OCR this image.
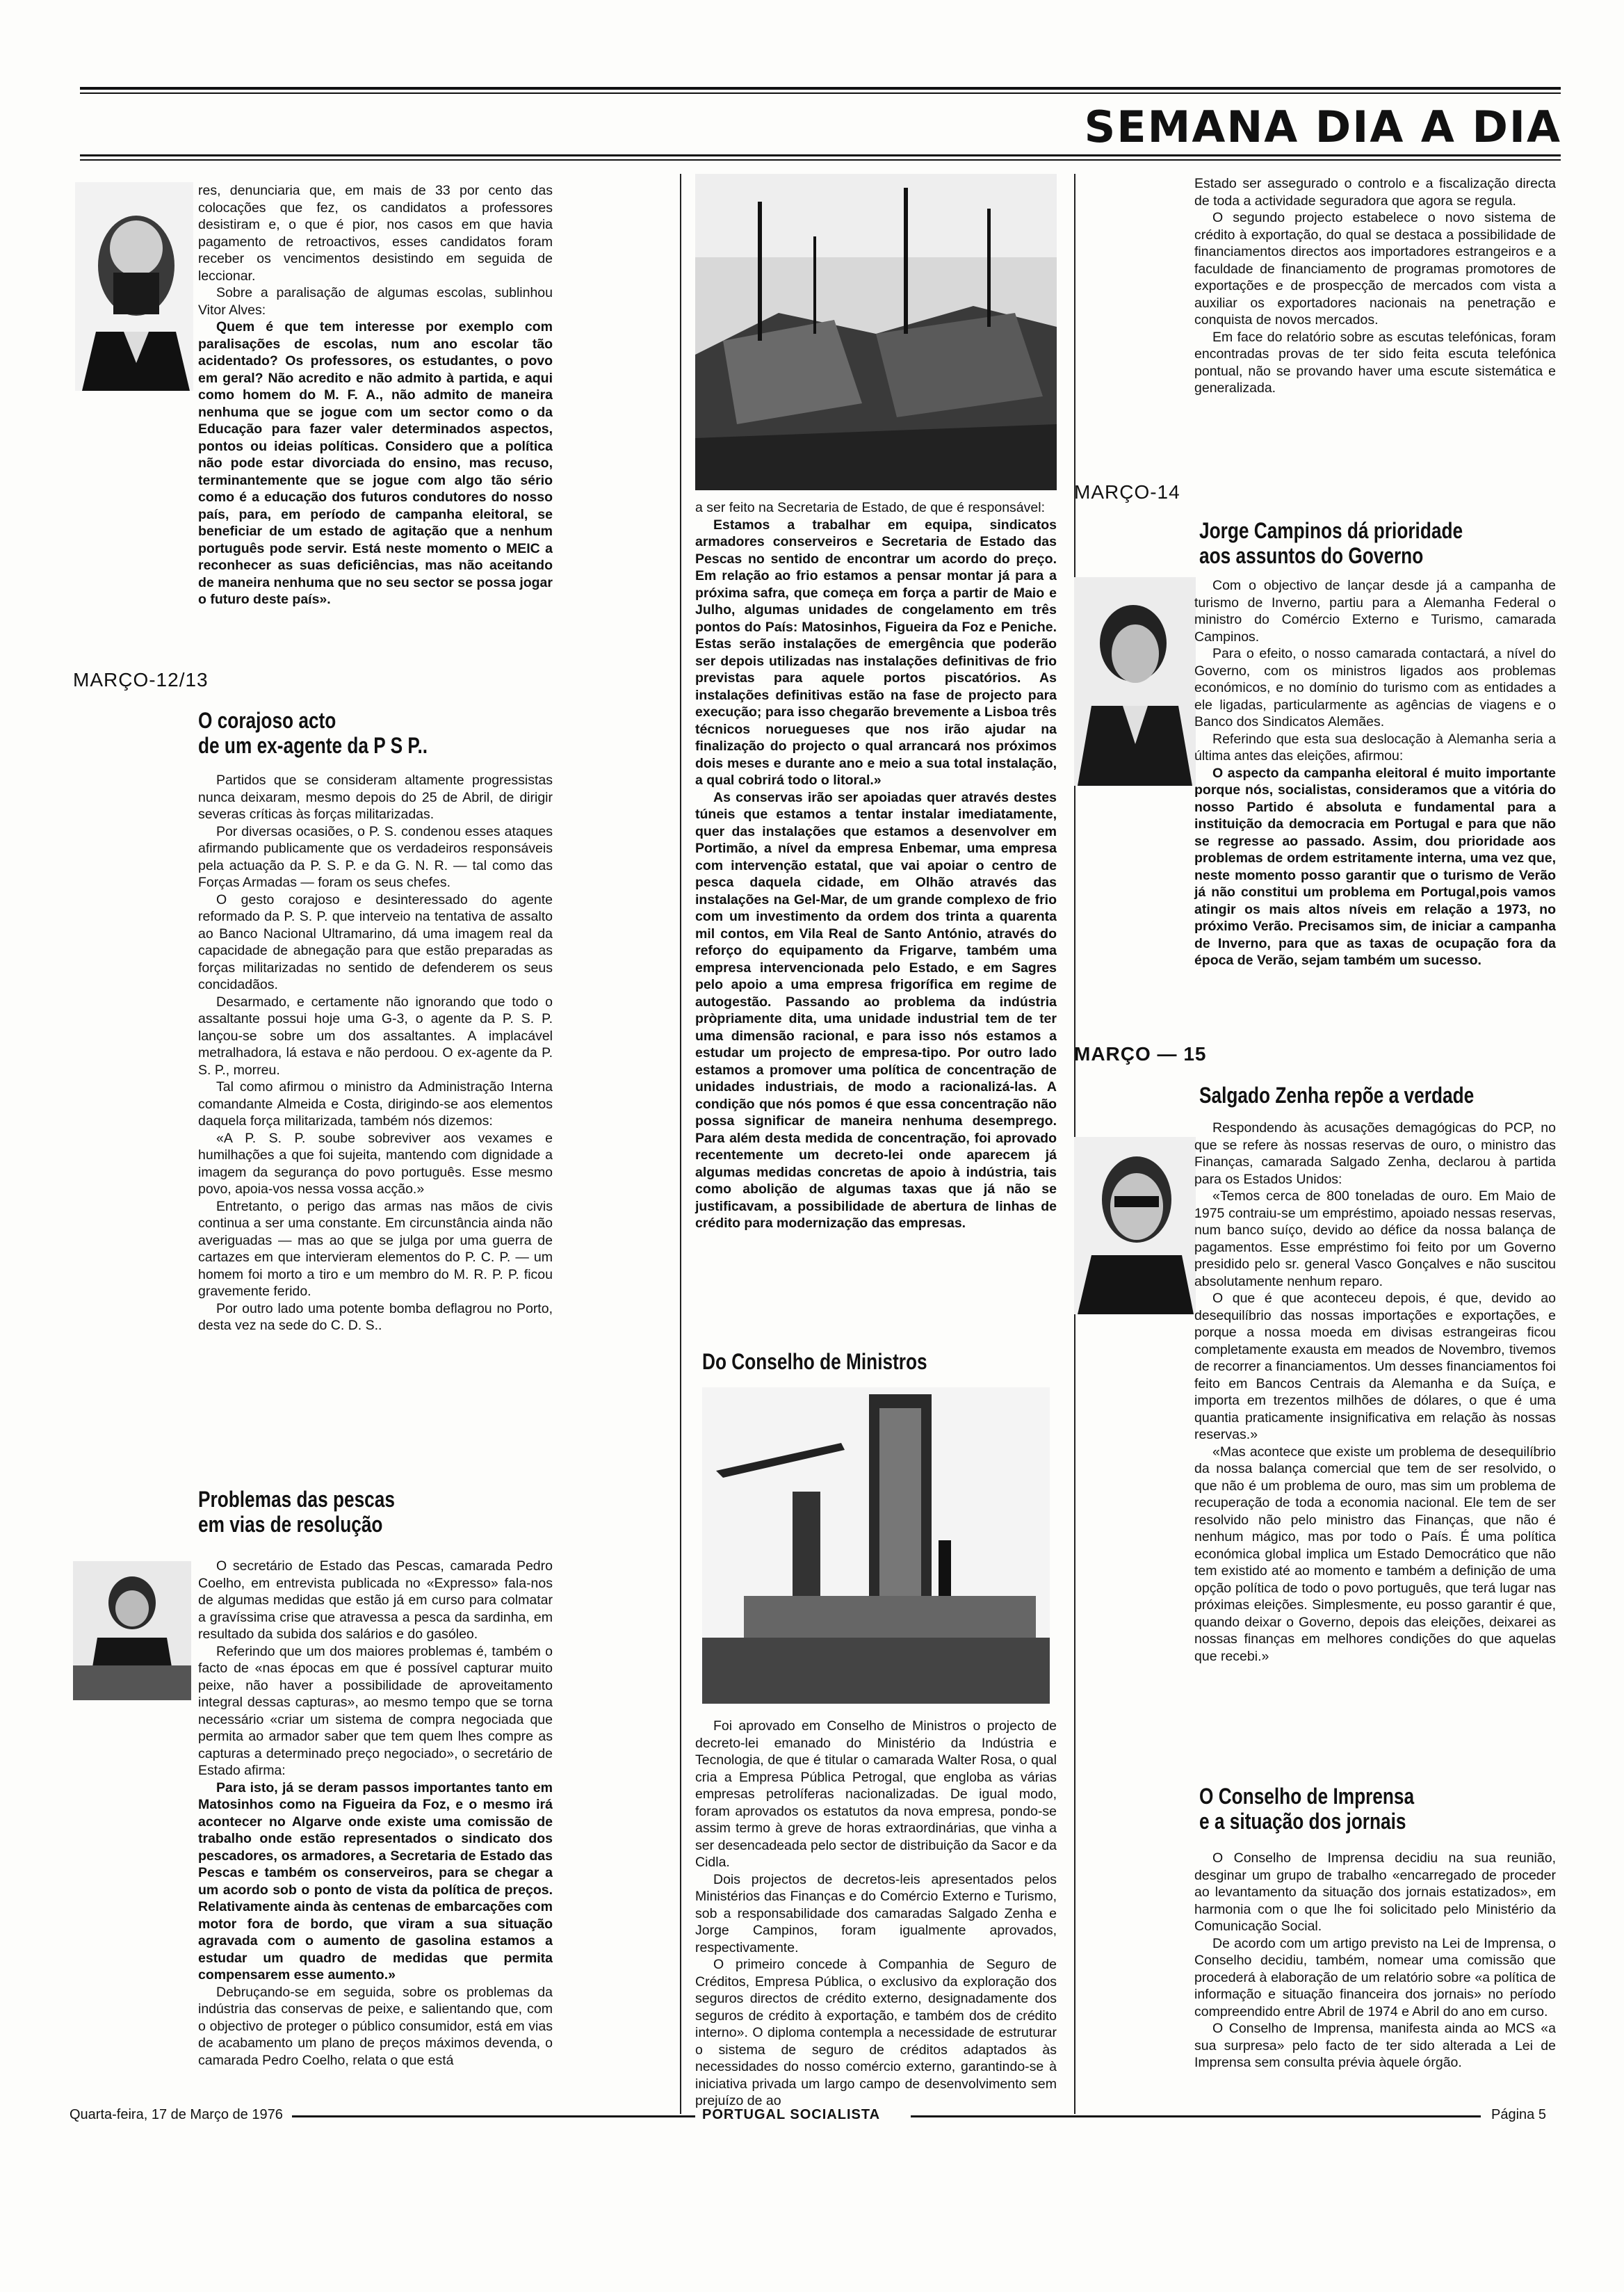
SEMANA DIA A DIA

res, denunciaria que, em mais de 33 por cento das colocações que fez, os candidatos a professores desistiram e, o que é pior, nos casos em que havia pagamento de retroactivos, esses candidatos foram receber os vencimentos desistindo em seguida de leccionar.

Sobre a paralisação de algumas escolas, sublinhou Vitor Alves:

Quem é que tem interesse por exemplo com paralisações de escolas, num ano escolar tão acidentado? Os professores, os estudantes, o povo em geral? Não acredito e não admito à partida, e aqui como homem do M. F. A., não admito de maneira nenhuma que se jogue com um sector como o da Educação para fazer valer determinados aspectos, pontos ou ideias políticas. Considero que a política não pode estar divorciada do ensino, mas recuso, terminantemente que se jogue com algo tão sério como é a educação dos futuros condutores do nosso país, para, em período de campanha eleitoral, se beneficiar de um estado de agitação que a nenhum português pode servir. Está neste momento o MEIC a reconhecer as suas deficiências, mas não aceitando de maneira nenhuma que no seu sector se possa jogar o futuro deste país».

MARÇO-12/13
O corajoso acto
de um ex-agente da P S P..

Partidos que se consideram altamente progressistas nunca deixaram, mesmo depois do 25 de Abril, de dirigir severas críticas às forças militarizadas.

Por diversas ocasiões, o P. S. condenou esses ataques afirmando publicamente que os verdadeiros responsáveis pela actuação da P. S. P. e da G. N. R. — tal como das Forças Armadas — foram os seus chefes.

O gesto corajoso e desinteressado do agente reformado da P. S. P. que interveio na tentativa de assalto ao Banco Nacional Ultramarino, dá uma imagem real da capacidade de abnegação para que estão preparadas as forças militarizadas no sentido de defenderem os seus concidadãos.

Desarmado, e certamente não ignorando que todo o assaltante possui hoje uma G-3, o agente da P. S. P. lançou-se sobre um dos assaltantes. A implacável metralhadora, lá estava e não perdoou. O ex-agente da P. S. P., morreu.

Tal como afirmou o ministro da Administração Interna comandante Almeida e Costa, dirigindo-se aos elementos daquela força militarizada, também nós dizemos:

«A P. S. P. soube sobreviver aos vexames e humilhações a que foi sujeita, mantendo com dignidade a imagem da segurança do povo português. Esse mesmo povo, apoia-vos nessa vossa acção.»

Entretanto, o perigo das armas nas mãos de civis continua a ser uma constante. Em circunstância ainda não averiguadas — mas ao que se julga por uma guerra de cartazes em que intervieram elementos do P. C. P. — um homem foi morto a tiro e um membro do M. R. P. P. ficou gravemente ferido.

Por outro lado uma potente bomba deflagrou no Porto, desta vez na sede do C. D. S..

Problemas das pescas
em vias de resolução

O secretário de Estado das Pescas, camarada Pedro Coelho, em entrevista publicada no «Expresso» fala-nos de algumas medidas que estão já em curso para colmatar a gravíssima crise que atravessa a pesca da sardinha, em resultado da subida dos salários e do gasóleo.

Referindo que um dos maiores problemas é, também o facto de «nas épocas em que é possível capturar muito peixe, não haver a possibilidade de aproveitamento integral dessas capturas», ao mesmo tempo que se torna necessário «criar um sistema de compra negociada que permita ao armador saber que tem quem lhes compre as capturas a determinado preço negociado», o secretário de Estado afirma:

Para isto, já se deram passos importantes tanto em Matosinhos como na Figueira da Foz, e o mesmo irá acontecer no Algarve onde existe uma comissão de trabalho onde estão representados o sindicato dos pescadores, os armadores, a Secretaria de Estado das Pescas e também os conserveiros, para se chegar a um acordo sob o ponto de vista da política de preços. Relativamente ainda às centenas de embarcações com motor fora de bordo, que viram a sua situação agravada com o aumento de gasolina estamos a estudar um quadro de medidas que permita compensarem esse aumento.»

Debruçando-se em seguida, sobre os problemas da indústria das conservas de peixe, e salientando que, com o objectivo de proteger o público consumidor, está em vias de acabamento um plano de preços máximos devenda, o camarada Pedro Coelho, relata o que está

a ser feito na Secretaria de Estado, de que é responsável:

Estamos a trabalhar em equipa, sindicatos armadores conserveiros e Secretaria de Estado das Pescas no sentido de encontrar um acordo do preço. Em relação ao frio estamos a pensar montar já para a próxima safra, que começa em força a partir de Maio e Julho, algumas unidades de congelamento em três pontos do País: Matosinhos, Figueira da Foz e Peniche. Estas serão instalações de emergência que poderão ser depois utilizadas nas instalações definitivas de frio previstas para aquele portos piscatórios. As instalações definitivas estão na fase de projecto para execução; para isso chegarão brevemente a Lisboa três técnicos noruegueses que nos irão ajudar na finalização do projecto o qual arrancará nos próximos dois meses e durante ano e meio a sua total instalação, a qual cobrirá todo o litoral.»

As conservas irão ser apoiadas quer através destes túneis que estamos a tentar instalar imediatamente, quer das instalações que estamos a desenvolver em Portimão, a nível da empresa Enbemar, uma empresa com intervenção estatal, que vai apoiar o centro de pesca daquela cidade, em Olhão através das instalações na Gel-Mar, de um grande complexo de frio com um investimento da ordem dos trinta a quarenta mil contos, em Vila Real de Santo António, através do reforço do equipamento da Frigarve, também uma empresa intervencionada pelo Estado, e em Sagres pelo apoio a uma empresa frigorífica em regime de autogestão. Passando ao problema da indústria pròpriamente dita, uma unidade industrial tem de ter uma dimensão racional, e para isso nós estamos a estudar um projecto de empresa-tipo. Por outro lado estamos a promover uma política de concentração de unidades industriais, de modo a racionalizá-las. A condição que nós pomos é que essa concentração não possa significar de maneira nenhuma desemprego. Para além desta medida de concentração, foi aprovado recentemente um decreto-lei onde aparecem já algumas medidas concretas de apoio à indústria, tais como abolição de algumas taxas que já não se justificavam, a possibilidade de abertura de linhas de crédito para modernização das empresas.

Do Conselho de Ministros

Foi aprovado em Conselho de Ministros o projecto de decreto-lei emanado do Ministério da Indústria e Tecnologia, de que é titular o camarada Walter Rosa, o qual cria a Empresa Pública Petrogal, que engloba as várias empresas petrolíferas nacionalizadas. De igual modo, foram aprovados os estatutos da nova empresa, pondo-se assim termo à greve de horas extraordinárias, que vinha a ser desencadeada pelo sector de distribuição da Sacor e da Cidla.

Dois projectos de decretos-leis apresentados pelos Ministérios das Finanças e do Comércio Externo e Turismo, sob a responsabilidade dos camaradas Salgado Zenha e Jorge Campinos, foram igualmente aprovados, respectivamente.

O primeiro concede à Companhia de Seguro de Créditos, Empresa Pública, o exclusivo da exploração dos seguros directos de crédito externo, designadamente dos seguros de crédito à exportação, e também dos de crédito interno». O diploma contempla a necessidade de estruturar o sistema de seguro de créditos adaptados às necessidades do nosso comércio externo, garantindo-se à iniciativa privada um largo campo de desenvolvimento sem prejuízo de ao

Estado ser assegurado o controlo e a fiscalização directa de toda a actividade seguradora que agora se regula.

O segundo projecto estabelece o novo sistema de crédito à exportação, do qual se destaca a possibilidade de financiamentos directos aos importadores estrangeiros e a faculdade de financiamento de programas promotores de exportações e de prospecção de mercados com vista a auxiliar os exportadores nacionais na penetração e conquista de novos mercados.

Em face do relatório sobre as escutas telefónicas, foram encontradas provas de ter sido feita escuta telefónica pontual, não se provando haver uma escute sistemática e generalizada.

MARÇO-14
Jorge Campinos dá prioridade
aos assuntos do Governo

Com o objectivo de lançar desde já a campanha de turismo de Inverno, partiu para a Alemanha Federal o ministro do Comércio Externo e Turismo, camarada Campinos.

Para o efeito, o nosso camarada contactará, a nível do Governo, com os ministros ligados aos problemas económicos, e no domínio do turismo com as entidades a ele ligadas, particularmente as agências de viagens e o Banco dos Sindicatos Alemães.

Referindo que esta sua deslocação à Alemanha seria a última antes das eleições, afirmou:

O aspecto da campanha eleitoral é muito importante porque nós, socialistas, consideramos que a vitória do nosso Partido é absoluta e fundamental para a instituição da democracia em Portugal e para que não se regresse ao passado. Assim, dou prioridade aos problemas de ordem estritamente interna, uma vez que, neste momento posso garantir que o turismo de Verão já não constitui um problema em Portugal,pois vamos atingir os mais altos níveis em relação a 1973, no próximo Verão. Precisamos sim, de iniciar a campanha de Inverno, para que as taxas de ocupação fora da época de Verão, sejam também um sucesso.

MARÇO — 15
Salgado Zenha repõe a verdade

Respondendo às acusações demagógicas do PCP, no que se refere às nossas reservas de ouro, o ministro das Finanças, camarada Salgado Zenha, declarou à partida para os Estados Unidos:

«Temos cerca de 800 toneladas de ouro. Em Maio de 1975 contraiu-se um empréstimo, apoiado nessas reservas, num banco suíço, devido ao défice da nossa balança de pagamentos. Esse empréstimo foi feito por um Governo presidido pelo sr. general Vasco Gonçalves e não suscitou absolutamente nenhum reparo.

O que é que aconteceu depois, é que, devido ao desequilíbrio das nossas importações e exportações, e porque a nossa moeda em divisas estrangeiras ficou completamente exausta em meados de Novembro, tivemos de recorrer a financiamentos. Um desses financiamentos foi feito em Bancos Centrais da Alemanha e da Suíça, e importa em trezentos milhões de dólares, o que é uma quantia praticamente insignificativa em relação às nossas reservas.»

«Mas acontece que existe um problema de desequilíbrio da nossa balança comercial que tem de ser resolvido, o que não é um problema de ouro, mas sim um problema de recuperação de toda a economia nacional. Ele tem de ser resolvido não pelo ministro das Finanças, que não é nenhum mágico, mas por todo o País. É uma política económica global implica um Estado Democrático que não tem existido até ao momento e também a definição de uma opção política de todo o povo português, que terá lugar nas próximas eleições. Simplesmente, eu posso garantir é que, quando deixar o Governo, depois das eleições, deixarei as nossas finanças em melhores condições do que aquelas que recebi.»

O Conselho de Imprensa
e a situação dos jornais

O Conselho de Imprensa decidiu na sua reunião, desginar um grupo de trabalho «encarregado de proceder ao levantamento da situação dos jornais estatizados», em harmonia com o que lhe foi solicitado pelo Ministério da Comunicação Social.

De acordo com um artigo previsto na Lei de Imprensa, o Conselho decidiu, também, nomear uma comissão que procederá à elaboração de um relatório sobre «a política de informação e situação financeira dos jornais» no período compreendido entre Abril de 1974 e Abril do ano em curso.

O Conselho de Imprensa, manifesta ainda ao MCS «a sua surpresa» pelo facto de ter sido alterada a Lei de Imprensa sem consulta prévia àquele órgão.

Quarta-feira, 17 de Março de 1976	PORTUGAL SOCIALISTA	Página 5
